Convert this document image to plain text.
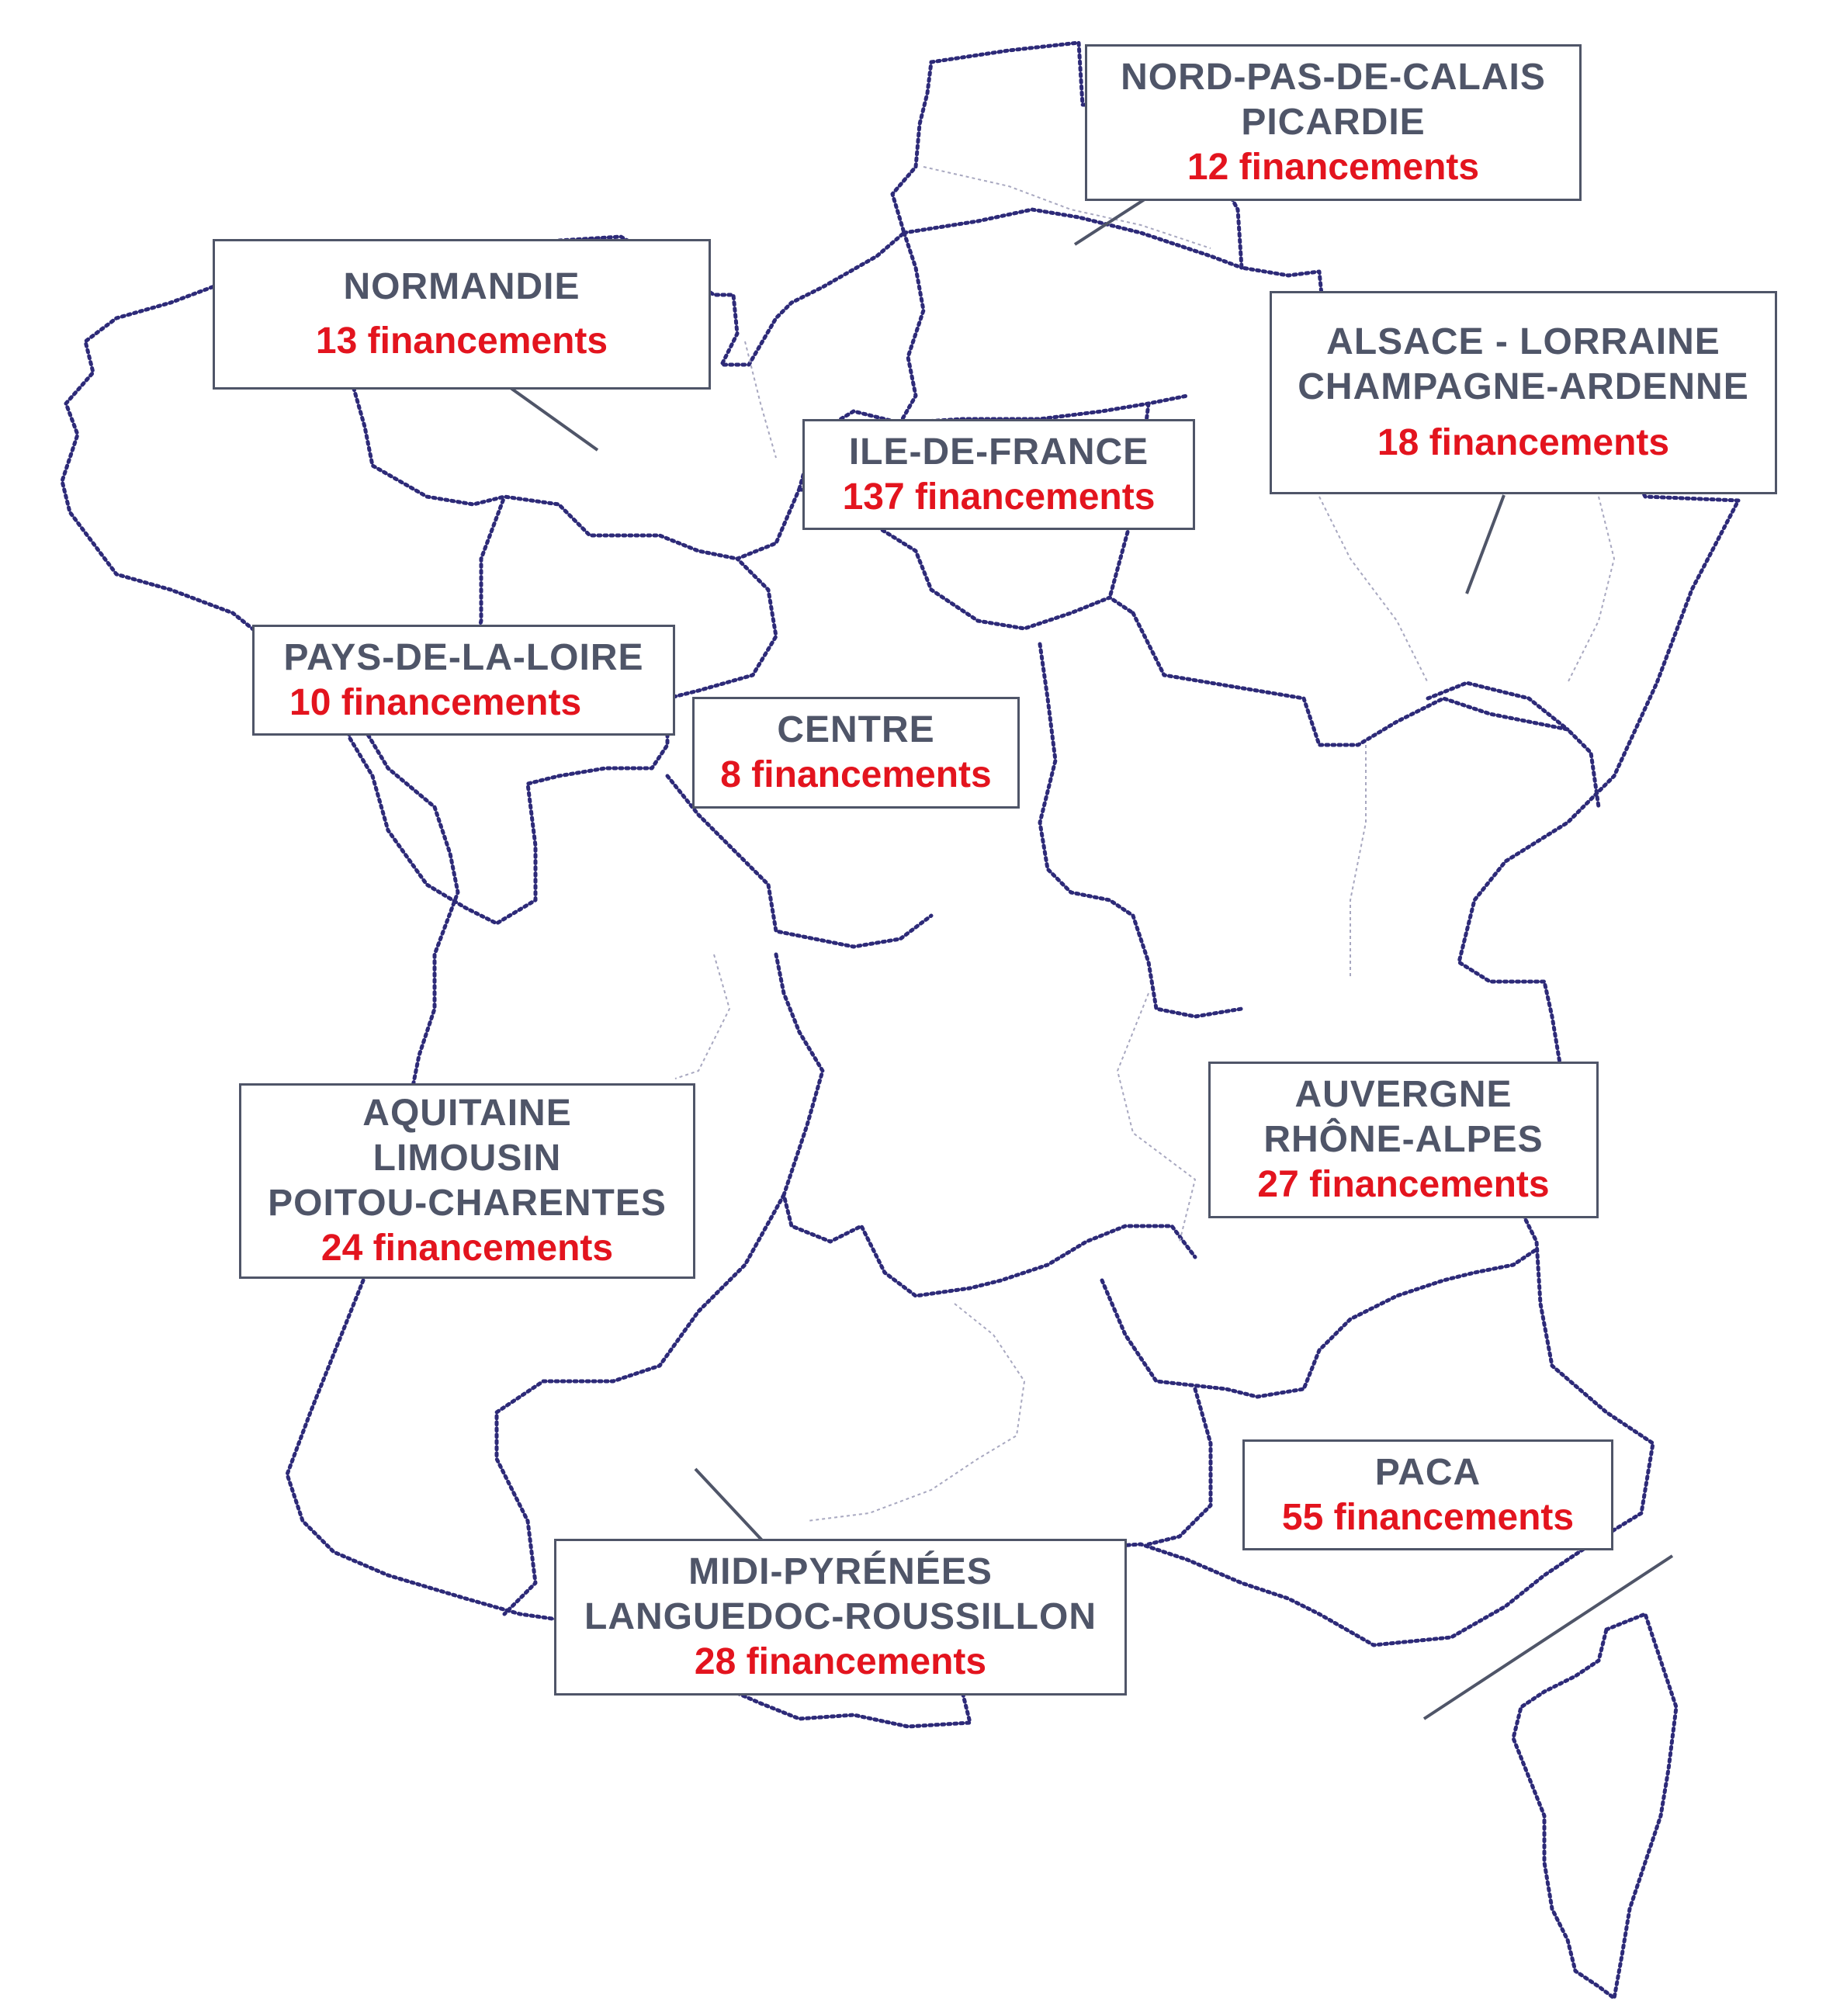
NORD-PAS-DE-CALAIS
PICARDIE
12 financements
NORMANDIE
13 financements	ALSACE - LORRAINE
CHAMPAGNE-ARDENNE
18 financements
ILE-DE-FRANCE
137 financements
PAYS-DE-LA-LOIRE
10 financements
CENTRE
8 financements
AQUITAINE
LIMOUSIN
POITOU-CHARENTES
24 financements
AUVERGNE
RHÔNE-ALPES
27 financements
PACA
55 financements
MIDI-PYRÉNÉES
LANGUEDOC-ROUSSILLON
28 financements
